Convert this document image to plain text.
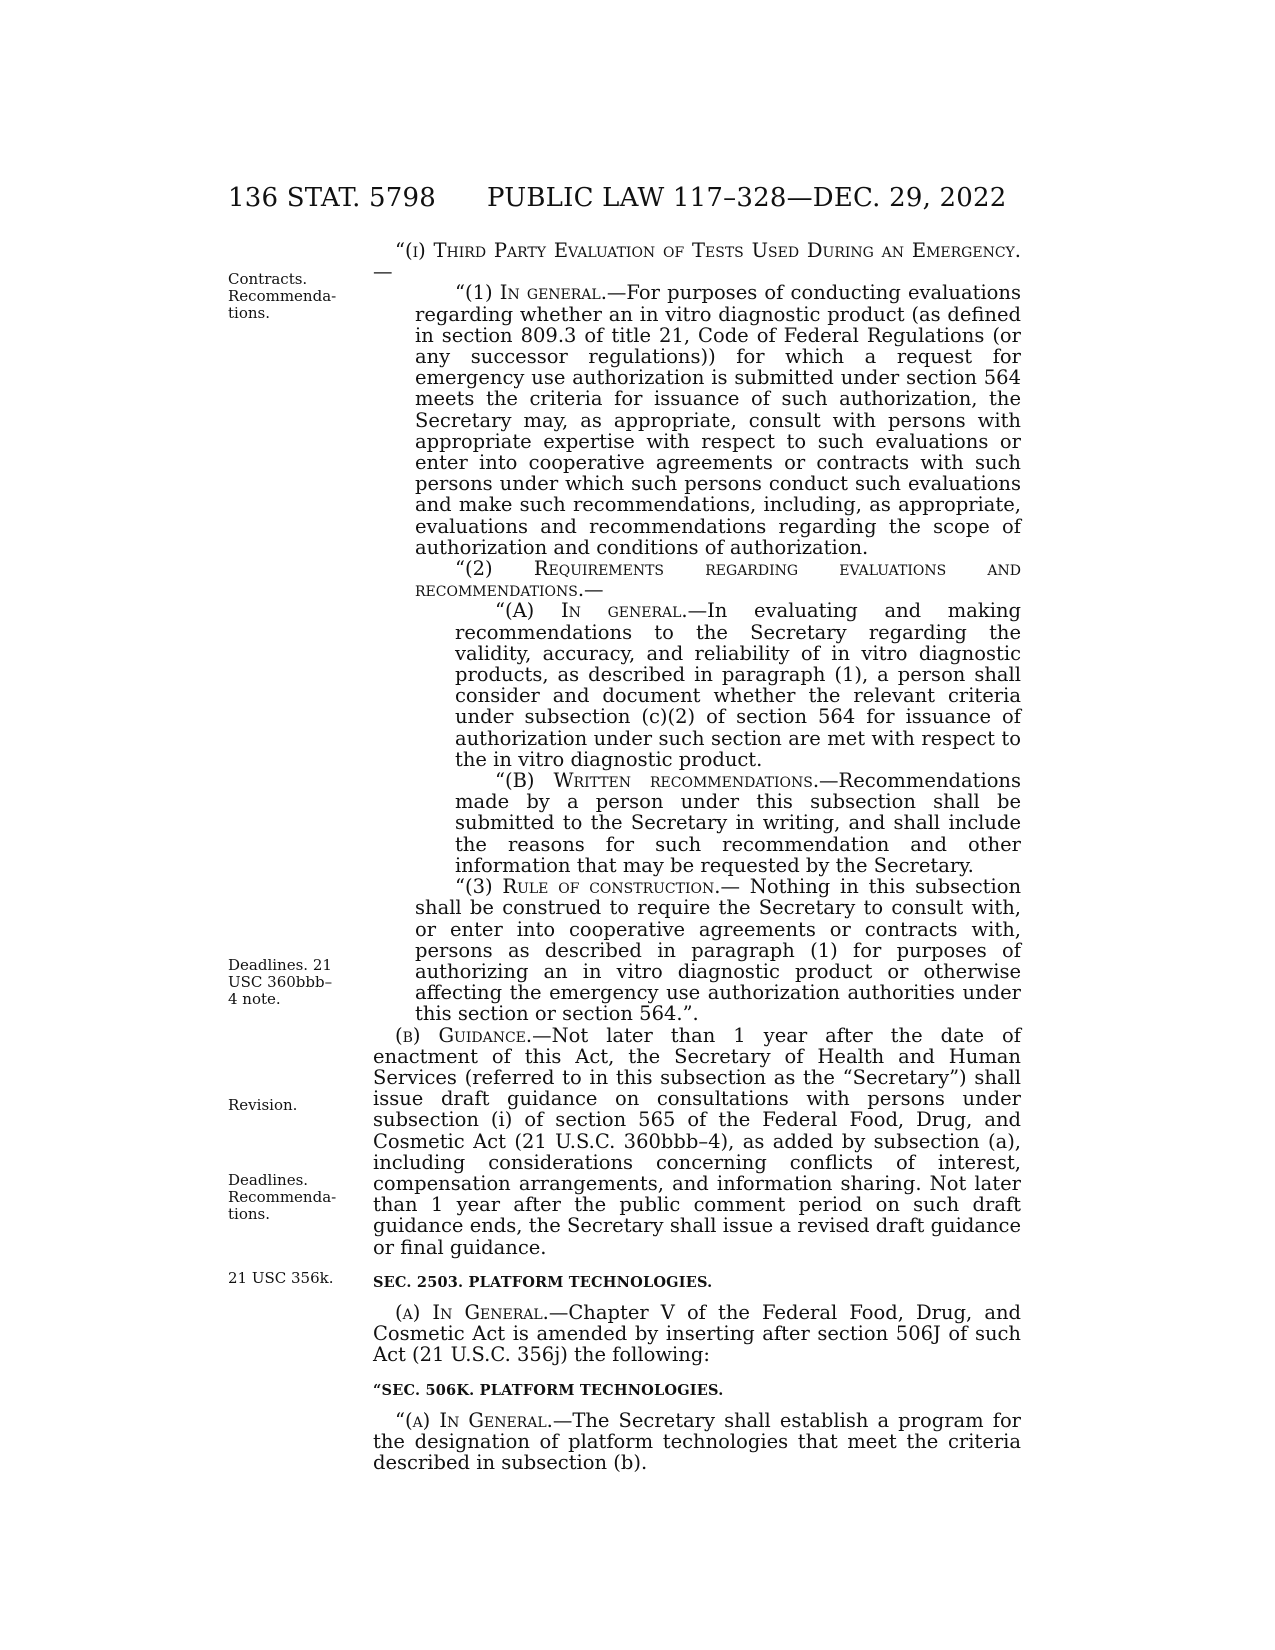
136 STAT. 5798 PUBLIC LAW 117–328—DEC. 29, 2022
Contracts. Recommenda- tions.
Deadlines. 21 USC 360bbb–4 note.
Revision.
Deadlines. Recommenda- tions.
21 USC 356k.

“(i) Third Party Evaluation of Tests Used During an Emergency.—

“(1) In general.—For purposes of conducting evaluations regarding whether an in vitro diagnostic product (as defined in section 809.3 of title 21, Code of Federal Regulations (or any successor regulations)) for which a request for emergency use authorization is submitted under section 564 meets the criteria for issuance of such authorization, the Secretary may, as appropriate, consult with persons with appropriate expertise with respect to such evaluations or enter into cooperative agreements or contracts with such persons under which such persons conduct such evaluations and make such recommendations, including, as appropriate, evaluations and recommendations regarding the scope of authorization and conditions of authorization.

“(2) Requirements regarding evaluations and recommendations.—

“(A) In general.—In evaluating and making recommendations to the Secretary regarding the validity, accuracy, and reliability of in vitro diagnostic products, as described in paragraph (1), a person shall consider and document whether the relevant criteria under subsection (c)(2) of section 564 for issuance of authorization under such section are met with respect to the in vitro diagnostic product.

“(B) Written recommendations.—Recommendations made by a person under this subsection shall be submitted to the Secretary in writing, and shall include the reasons for such recommendation and other information that may be requested by the Secretary.

“(3) Rule of construction.— Nothing in this subsection shall be construed to require the Secretary to consult with, or enter into cooperative agreements or contracts with, persons as described in paragraph (1) for purposes of authorizing an in vitro diagnostic product or otherwise affecting the emergency use authorization authorities under this section or section 564.”.

(b) Guidance.—Not later than 1 year after the date of enactment of this Act, the Secretary of Health and Human Services (referred to in this subsection as the “Secretary”) shall issue draft guidance on consultations with persons under subsection (i) of section 565 of the Federal Food, Drug, and Cosmetic Act (21 U.S.C. 360bbb–4), as added by subsection (a), including considerations concerning conflicts of interest, compensation arrangements, and information sharing. Not later than 1 year after the public comment period on such draft guidance ends, the Secretary shall issue a revised draft guidance or final guidance.

SEC. 2503. PLATFORM TECHNOLOGIES.

(a) In General.—Chapter V of the Federal Food, Drug, and Cosmetic Act is amended by inserting after section 506J of such Act (21 U.S.C. 356j) the following:

“SEC. 506K. PLATFORM TECHNOLOGIES.

“(a) In General.—The Secretary shall establish a program for the designation of platform technologies that meet the criteria described in subsection (b).
